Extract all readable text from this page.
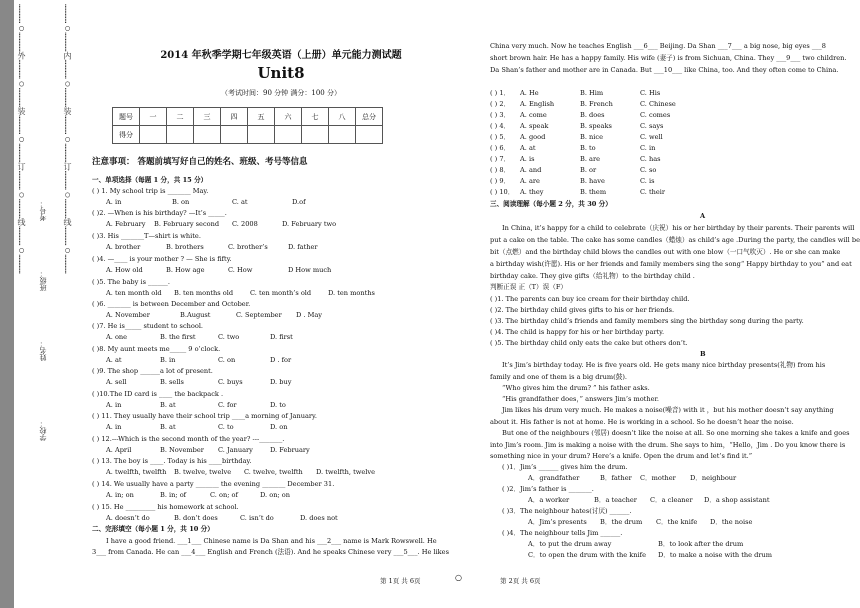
…………○…………外…………○…………装…………○…………订…………○…………线…………○…………	…………○…………内…………○…………装…………○…………订…………○…………线…………○…………
学校：
姓名：
班级：
考号：
2014 年秋季学期七年级英语（上册）单元能力测试题
Unit8
（考试时间：90 分钟 满分：100 分）
题号	一	二	三	四	五	六	七	八	总分
得分									
注意事项： 答题前填写好自己的姓名、班级、考号等信息
一、单项选择（每题 1 分，共 15 分）
( ) 1. My school trip is _______ May.
A. in	B. on	C. at	D.of
( )2. —When is his birthday? —It’s _____.
A. February B. February second C. 2008	D. February two
( )3. His _______T—shirt is white.
A. brother	B. brothers	C. brother’s	D. father
( )4. —____ is your mother ? — She is fifty.
A. How old	B. How age	C. How	D How much
( )5. The baby is ______.
A. ten month old B. ten months old	C. ten month’s old	D. ten months
( )6. _______ is between December and October.
A. November	B.August	C. September D . May
( )7. He is_____ student to school.
A. one	B. the first	C. two	D. first
( )8. My aunt meets me_____ 9 o’clock.
A. at	B. in	C. on	D . for
( )9. The shop ______a lot of present.
A. sell	B. sells	C. buys	D. buy
( )10.The ID card is ____ the backpack .
A. in	B. at	C. for	D. to
( ) 11. They usually have their school trip ____a morning of January.
A. in	B. at	C. to	D. on
( ) 12.---Which is the second month of the year? ---_______.
A. April	B. November C. January	D. February
( ) 13. The boy is ____. Today is his ____birthday.
A. twelfth, twelfth B. twelve, twelve C. twelve, twelfth D. twelfth, twelve
( ) 14. We usually have a party _______ the evening _______ December 31.
A. in; on	B. in; of	C. on; of	D. on; on
( ) 15. He _________ his homework at school.
A. doesn’t do	B. don’t does	C. isn’t do	D. does not
二、完形填空（每小题 1 分，共 10 分）
I have a good friend. ___1___ Chinese name is Da Shan and his ___2___ name is Mark Rowswell. He
3___ from Canada. He can ___4___ English and French (法语). And he speaks Chinese very ___5___. He likes
China very much. Now he teaches English ___6___ Beijing. Da Shan ___7___ a big nose, big eyes ___8
short brown hair. He has a happy family. His wife (妻子) is from Sichuan, China. They ___9___ two children.
Da Shan’s father and mother are in Canada. But ___10___ like China, too. And they often come to China.
( ) 1． A. He	B. Him	C. His
( ) 2． A. English	B. French	C. Chinese
( ) 3． A. come	B. does	C. comes
( ) 4． A. speak	B. speaks	C. says
( ) 5． A. good	B. nice	C. well
( ) 6． A. at	B. to	C. in
( ) 7． A. is	B. are	C. has
( ) 8． A. and	B. or	C. so
( ) 9． A. are	B. have	C. is
( ) 10． A. they	B. them	C. their
三、阅读理解（每小题 2 分，共 30 分）
A
In China, it’s happy for a child to celebrate（庆祝）his or her birthday by their parents. Their parents will
put a cake on the table. The cake has some candles（蜡烛）as child’s age .During the party, the candles will be
bit（点燃）and the birthday child blows the candles out with one blow（一口气吹灭）. He or she can make
a birthday wish(许愿). His or her friends and family members sing the song“ Happy birthday to you” and eat
birthday cake. They give gifts（给礼物）to the birthday child .
判断正误 正（T）误（F）
( )1. The parents can buy ice cream for their birthday child.
( )2. The birthday child gives gifts to his or her friends.
( )3. The birthday child’s friends and family members sing the birthday song during the party.
( )4. The child is happy for his or her birthday party.
( )5. The birthday child only eats the cake but others don’t.
B
It’s Jim’s birthday today. He is five years old. He gets many nice birthday presents(礼物) from his
family and one of them is a big drum(鼓).
“Who gives him the drum? ” his father asks.
“His grandfather does，” answers Jim’s mother.
Jim likes his drum very much. He makes a noise(噪音) with it ，but his mother doesn’t say anything
about it. His father is not at home. He is working in a school. So he doesn’t hear the noise.
But one of the neighbours (邻居) doesn’t like the noise at all. So one morning she takes a knife and goes
into Jim’s room. Jim is making a noise with the drum. She says to him，“Hello，Jim . Do you know there is
something nice in your drum? Here’s a knife. Open the drum and let’s find it.”
( )1．Jim’s ______ gives him the drum.
A．grandfather	B．father C．mother D．neighbour
( )2．Jim’s father is _______.
A．a worker	B．a teacher C．a cleaner D．a shop assistant
( )3．The neighbour hates(讨厌) ______.
A．Jim’s presents B．the drum C．the knife D．the noise
( )4．The neighbour tells Jim ______.
A．to put the drum away	B．to look after the drum
C．to open the drum with the knife D．to make a noise with the drum
第 1页 共 6页	○	第 2页 共 6页
